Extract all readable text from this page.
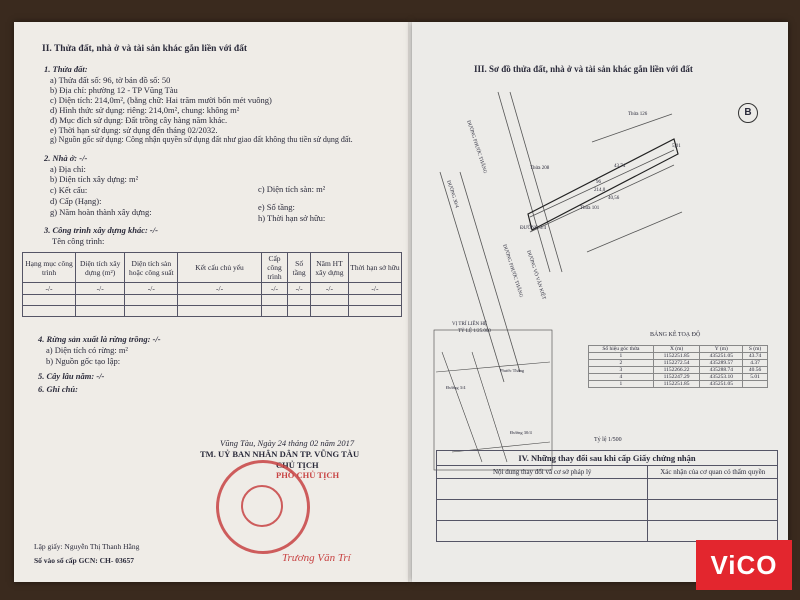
II. Thửa đất, nhà ở và tài sản khác gắn liền với đất
1. Thửa đất:
a) Thửa đất số: 96, tờ bản đồ số: 50
b) Địa chỉ: phường 12 - TP Vũng Tàu
c) Diện tích: 214,0m², (bằng chữ: Hai trăm mười bốn mét vuông)
d) Hình thức sử dụng: riêng: 214,0m², chung: không m²
đ) Mục đích sử dụng: Đất trồng cây hàng năm khác.
e) Thời hạn sử dụng: sử dụng đến tháng 02/2032.
g) Nguồn gốc sử dụng: Công nhận quyền sử dụng đất như giao đất không thu tiền sử dụng đất.
2. Nhà ở: -/-
a) Địa chỉ:
b) Diện tích xây dựng: m²
c) Kết cấu:
d) Cấp (Hạng):
g) Năm hoàn thành xây dựng:
c) Diện tích sàn: m²
e) Số tầng:
h) Thời hạn sở hữu:
3. Công trình xây dựng khác: -/-
Tên công trình:
Hạng mục công trình	Diện tích xây dựng (m²)	Diện tích sàn hoặc công suất	Kết cấu chủ yếu	Cấp công trình	Số tầng	Năm HT xây dựng	Thời hạn sở hữu
-/-	-/-	-/-	-/-	-/-	-/-	-/-	-/-

4. Rừng sản xuất là rừng trồng: -/-
a) Diện tích có rừng: m²
b) Nguồn gốc tạo lập:
5. Cây lâu năm: -/-
6. Ghi chú:
Vũng Tàu, Ngày 24 tháng 02 năm 2017
TM. UỶ BAN NHÂN DÂN TP. VŨNG TÀU
CHỦ TỊCH
PHÓ CHỦ TỊCH
Trương Văn Trí
Lập giấy: Nguyễn Thị Thanh Hằng
Số vào sổ cấp GCN: CH- 03657
III. Sơ đồ thửa đất, nhà ở và tài sản khác gắn liền với đất
B
Thửa 126
Thửa 208
Thửa 101
96
214,0
43,74
40,56
5,01
ĐƯỜNG 3/4
ĐƯỜNG PHƯỚC THẮNG
ĐƯỜNG 30/4
ĐƯỜNG PHƯỚC THẮNG ĐƯỜNG VÕ VĂN KIỆT
VỊ TRÍ LIÊN HỆ
TỶ LỆ 1/25.000
Đường 3/4
Phước Thắng
Đường 30/4
BẢNG KÊ TOẠ ĐỘ
Số hiệu góc thửa	X (m)	Y (m)	S (m)
1	1152251.85	435251.05	43.74
2	1152272.54	435289.57	4.37
3	1152266.22	435288.74	40.56
4	1152247.29	435253.10	5.01
1	1152251.85	435251.05	
Tỷ lệ 1/500
IV. Những thay đổi sau khi cấp Giấy chứng nhận	
Nội dung thay đổi và cơ sở pháp lý	Xác nhận của cơ quan có thẩm quyền

ViCO
